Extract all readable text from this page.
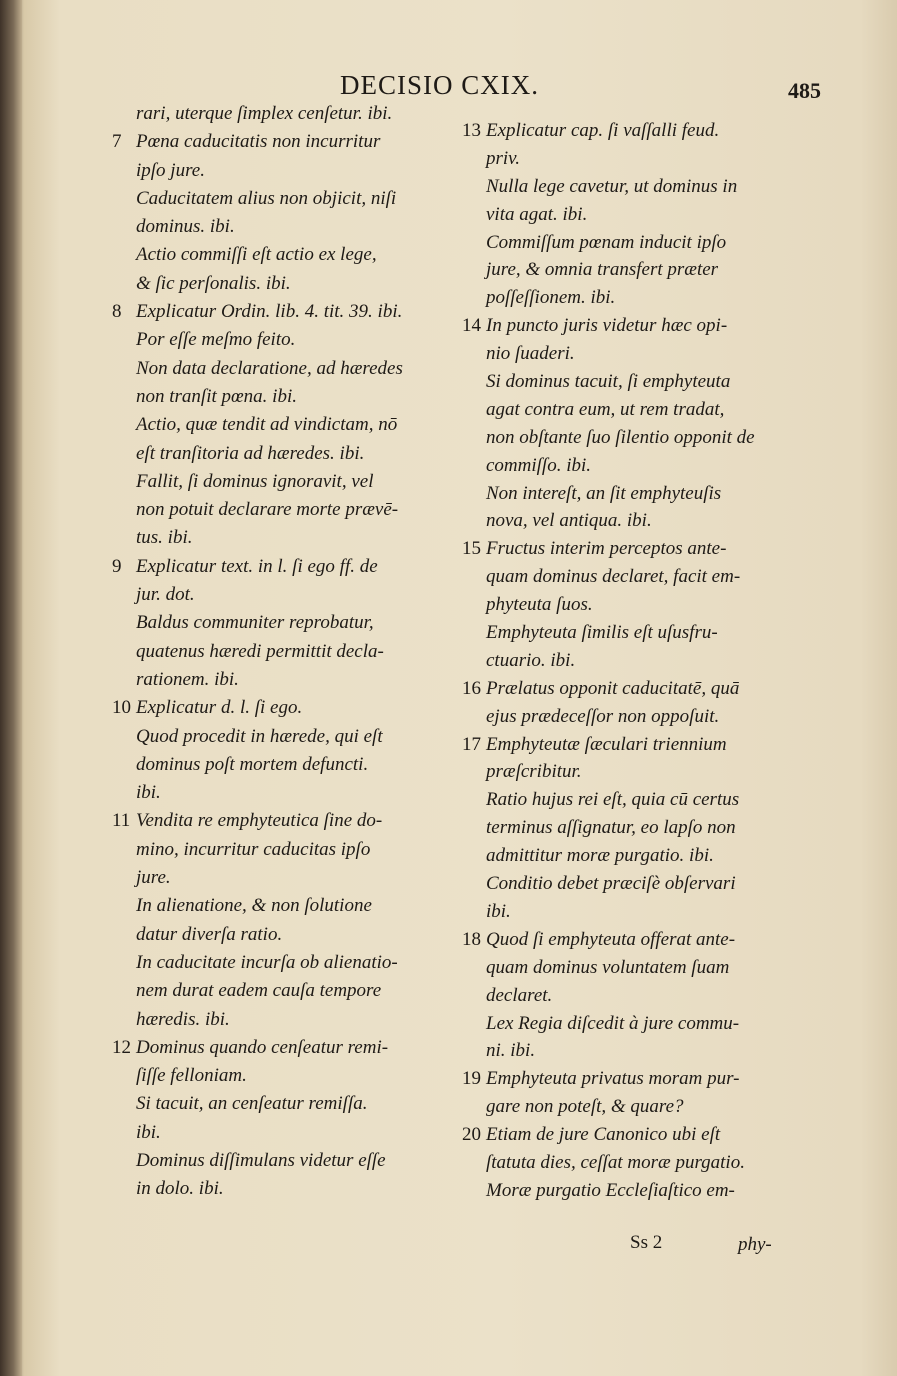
DECISIO CXIX.	485
rari, uterque ſimplex cenſetur. ibi.
7 Pœna caducitatis non incurritur
ipſo jure.
Caducitatem alius non objicit, niſi
dominus. ibi.
Actio commiſſi eſt actio ex lege,
& ſic perſonalis. ibi.
8 Explicatur Ordin. lib. 4. tit. 39. ibi.
Por eſſe meſmo feito.
Non data declaratione, ad hæredes
non tranſit pœna. ibi.
Actio, quæ tendit ad vindictam, nō
eſt tranſitoria ad hæredes. ibi.
Fallit, ſi dominus ignoravit, vel
non potuit declarare morte prævē-
tus. ibi.
9 Explicatur text. in l. ſi ego ff. de
jur. dot.
Baldus communiter reprobatur,
quatenus hæredi permittit decla-
rationem. ibi.
10 Explicatur d. l. ſi ego.
Quod procedit in hærede, qui eſt
dominus poſt mortem defuncti.
ibi.
11 Vendita re emphyteutica ſine do-
mino, incurritur caducitas ipſo
jure.
In alienatione, & non ſolutione
datur diverſa ratio.
In caducitate incurſa ob alienatio-
nem durat eadem cauſa tempore
hæredis. ibi.
12 Dominus quando cenſeatur remi-
ſiſſe felloniam.
Si tacuit, an cenſeatur remiſſa.
ibi.
Dominus diſſimulans videtur eſſe
in dolo. ibi.
13 Explicatur cap. ſi vaſſalli feud.
priv.
Nulla lege cavetur, ut dominus in
vita agat. ibi.
Commiſſum pœnam inducit ipſo
jure, & omnia transfert præter
poſſeſſionem. ibi.
14 In puncto juris videtur hæc opi-
nio ſuaderi.
Si dominus tacuit, ſi emphyteuta
agat contra eum, ut rem tradat,
non obſtante ſuo ſilentio opponit de
commiſſo. ibi.
Non intereſt, an ſit emphyteuſis
nova, vel antiqua. ibi.
15 Fructus interim perceptos ante-
quam dominus declaret, facit em-
phyteuta ſuos.
Emphyteuta ſimilis eſt uſusfru-
ctuario. ibi.
16 Prælatus opponit caducitatē, quā
ejus prædeceſſor non oppoſuit.
17 Emphyteutæ ſæculari triennium
præſcribitur.
Ratio hujus rei eſt, quia cū certus
terminus aſſignatur, eo lapſo non
admittitur moræ purgatio. ibi.
Conditio debet præciſè obſervari
ibi.
18 Quod ſi emphyteuta offerat ante-
quam dominus voluntatem ſuam
declaret.
Lex Regia diſcedit à jure commu-
ni. ibi.
19 Emphyteuta privatus moram pur-
gare non poteſt, & quare?
20 Etiam de jure Canonico ubi eſt
ſtatuta dies, ceſſat moræ purgatio.
Moræ purgatio Eccleſiaſtico em-
Ss 2	phy-
